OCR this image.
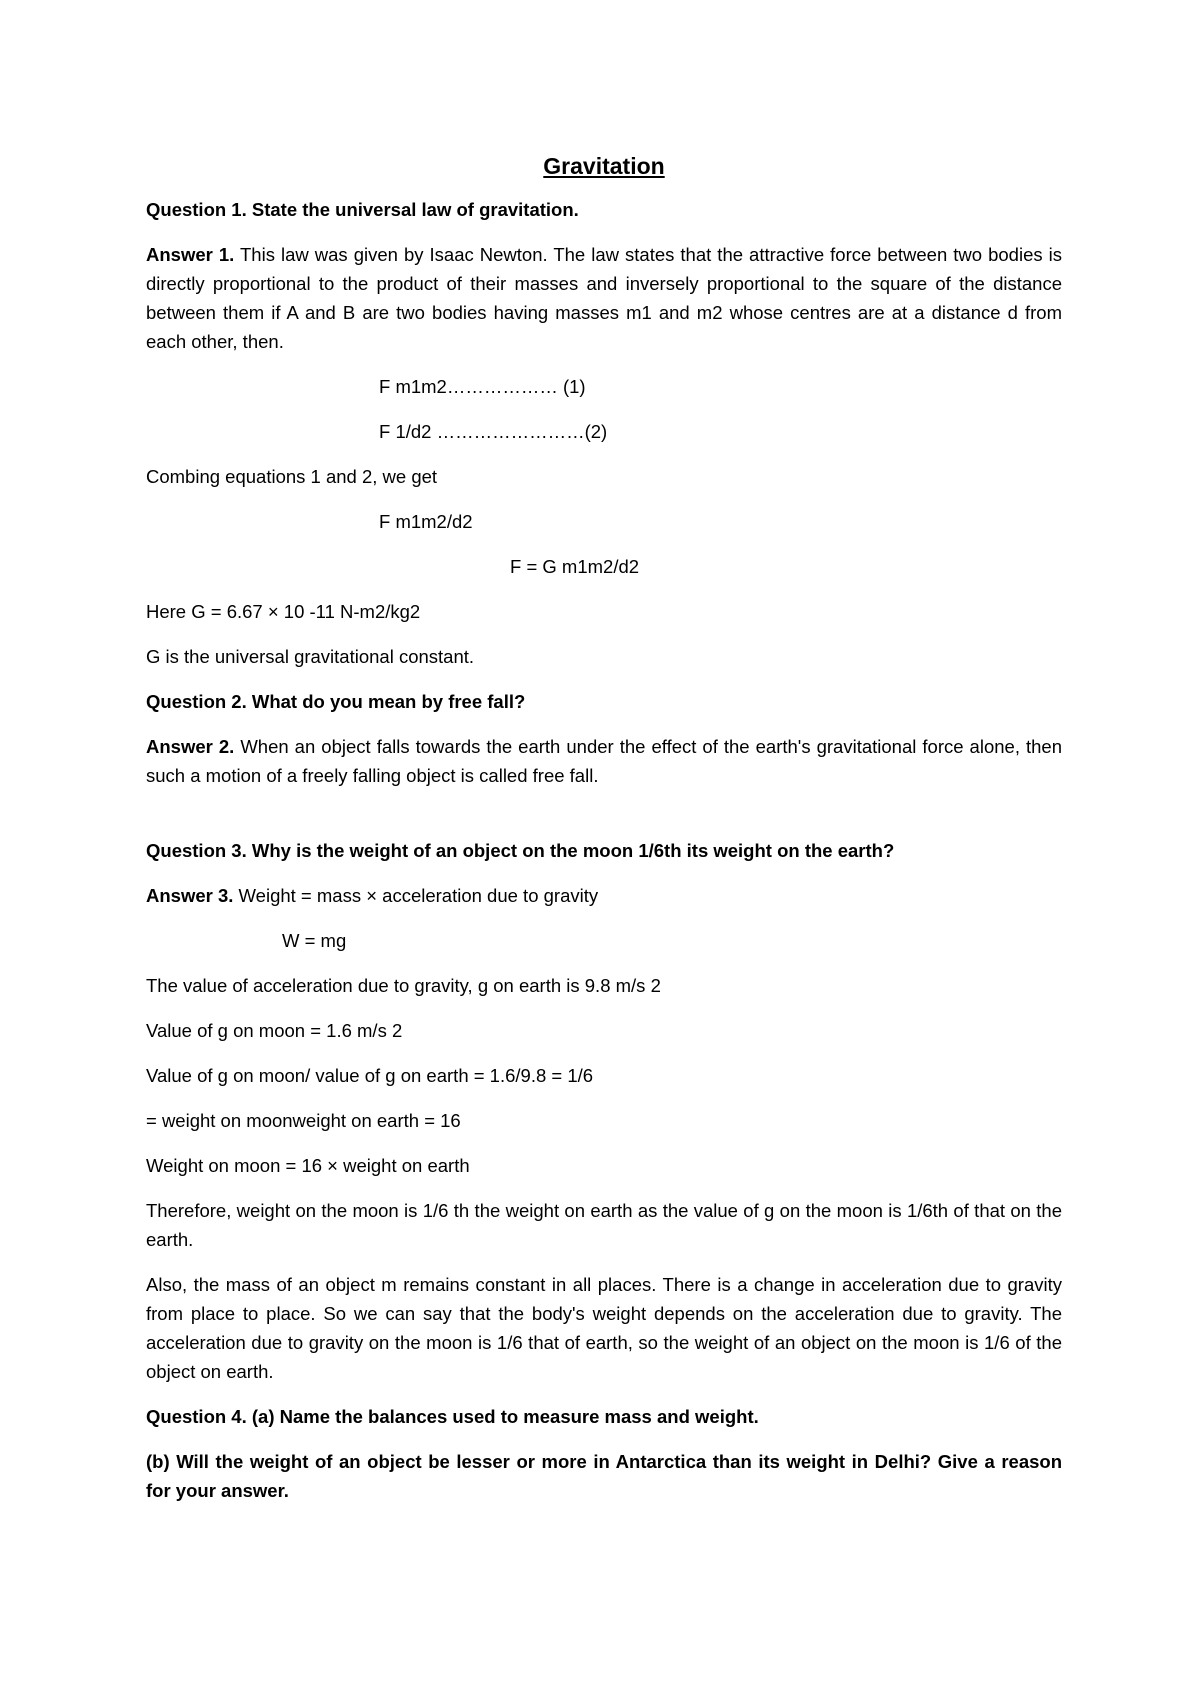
Gravitation

Question 1. State the universal law of gravitation.

Answer 1. This law was given by Isaac Newton. The law states that the attractive force between two bodies is directly proportional to the product of their masses and inversely proportional to the square of the distance between them if A and B are two bodies having masses m1 and m2 whose centres are at a distance d from each other, then.

F m1m2……………… (1)

F 1/d2 ……………………(2)

Combing equations 1 and 2, we get

F m1m2/d2

F = G m1m2/d2

Here G = 6.67 × 10 -11 N-m2/kg2

G is the universal gravitational constant.

Question 2. What do you mean by free fall?

Answer 2. When an object falls towards the earth under the effect of the earth's gravitational force alone, then such a motion of a freely falling object is called free fall.

Question 3. Why is the weight of an object on the moon 1/6th its weight on the earth?

Answer 3. Weight = mass × acceleration due to gravity

W = mg

The value of acceleration due to gravity, g on earth is 9.8 m/s 2

Value of g on moon = 1.6 m/s 2

Value of g on moon/ value of g on earth = 1.6/9.8 = 1/6

= weight on moonweight on earth = 16

Weight on moon = 16 × weight on earth

Therefore, weight on the moon is 1/6 th the weight on earth as the value of g on the moon is 1/6th of that on the earth.

Also, the mass of an object m remains constant in all places. There is a change in acceleration due to gravity from place to place. So we can say that the body's weight depends on the acceleration due to gravity. The acceleration due to gravity on the moon is 1/6 that of earth, so the weight of an object on the moon is 1/6 of the object on earth.

Question 4. (a) Name the balances used to measure mass and weight.

(b) Will the weight of an object be lesser or more in Antarctica than its weight in Delhi? Give a reason for your answer.
